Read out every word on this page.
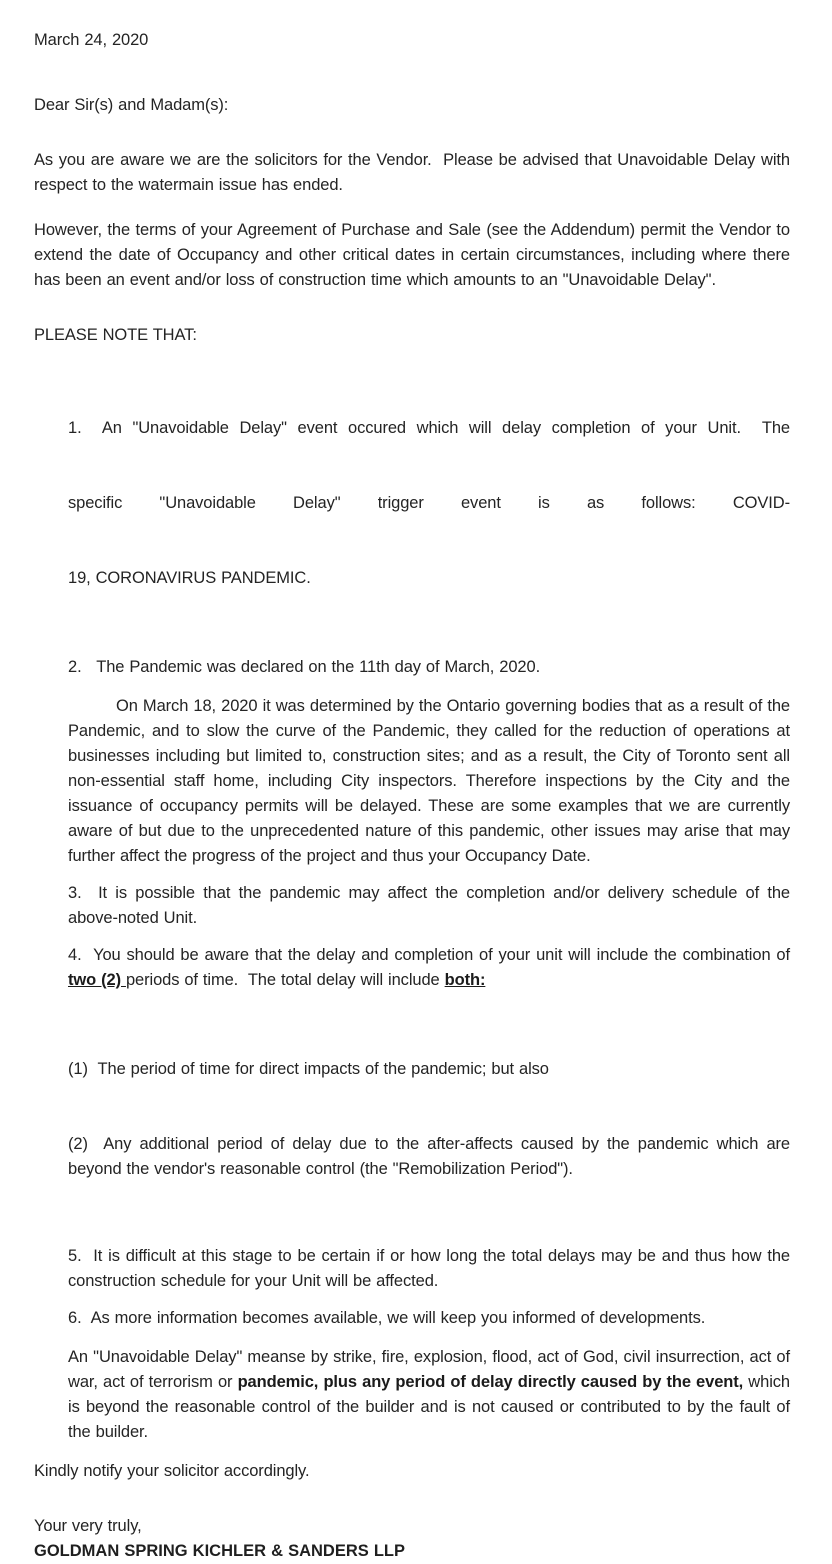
March 24, 2020

Dear Sir(s) and Madam(s):

As you are aware we are the solicitors for the Vendor.  Please be advised that Unavoidable Delay with respect to the watermain issue has ended.

However, the terms of your Agreement of Purchase and Sale (see the Addendum) permit the Vendor to extend the date of Occupancy and other critical dates in certain circumstances, including where there has been an event and/or loss of construction time which amounts to an "Unavoidable Delay".

PLEASE NOTE THAT:

1.  An "Unavoidable Delay" event occured which will delay completion of your Unit.  The

specific "Unavoidable Delay" trigger event is as follows: COVID-

19, CORONAVIRUS PANDEMIC.

2.   The Pandemic was declared on the 11th day of March, 2020.

On March 18, 2020 it was determined by the Ontario governing bodies that as a result of the Pandemic, and to slow the curve of the Pandemic, they called for the reduction of operations at businesses including but limited to, construction sites; and as a result, the City of Toronto sent all non-essential staff home, including City inspectors. Therefore inspections by the City and the issuance of occupancy permits will be delayed. These are some examples that we are currently aware of but due to the unprecedented nature of this pandemic, other issues may arise that may further affect the progress of the project and thus your Occupancy Date.

3.  It is possible that the pandemic may affect the completion and/or delivery schedule of the above-noted Unit.

4.  You should be aware that the delay and completion of your unit will include the combination of two (2) periods of time.  The total delay will include both:

(1)  The period of time for direct impacts of the pandemic; but also

(2)  Any additional period of delay due to the after-affects caused by the pandemic which are beyond the vendor's reasonable control (the "Remobilization Period").

5.  It is difficult at this stage to be certain if or how long the total delays may be and thus how the construction schedule for your Unit will be affected.

6.  As more information becomes available, we will keep you informed of developments.

An "Unavoidable Delay" meanse by strike, fire, explosion, flood, act of God, civil insurrection, act of war, act of terrorism or pandemic, plus any period of delay directly caused by the event, which is beyond the reasonable control of the builder and is not caused or contributed to by the fault of the builder.

Kindly notify your solicitor accordingly.

Your very truly,

GOLDMAN SPRING KICHLER & SANDERS LLP
